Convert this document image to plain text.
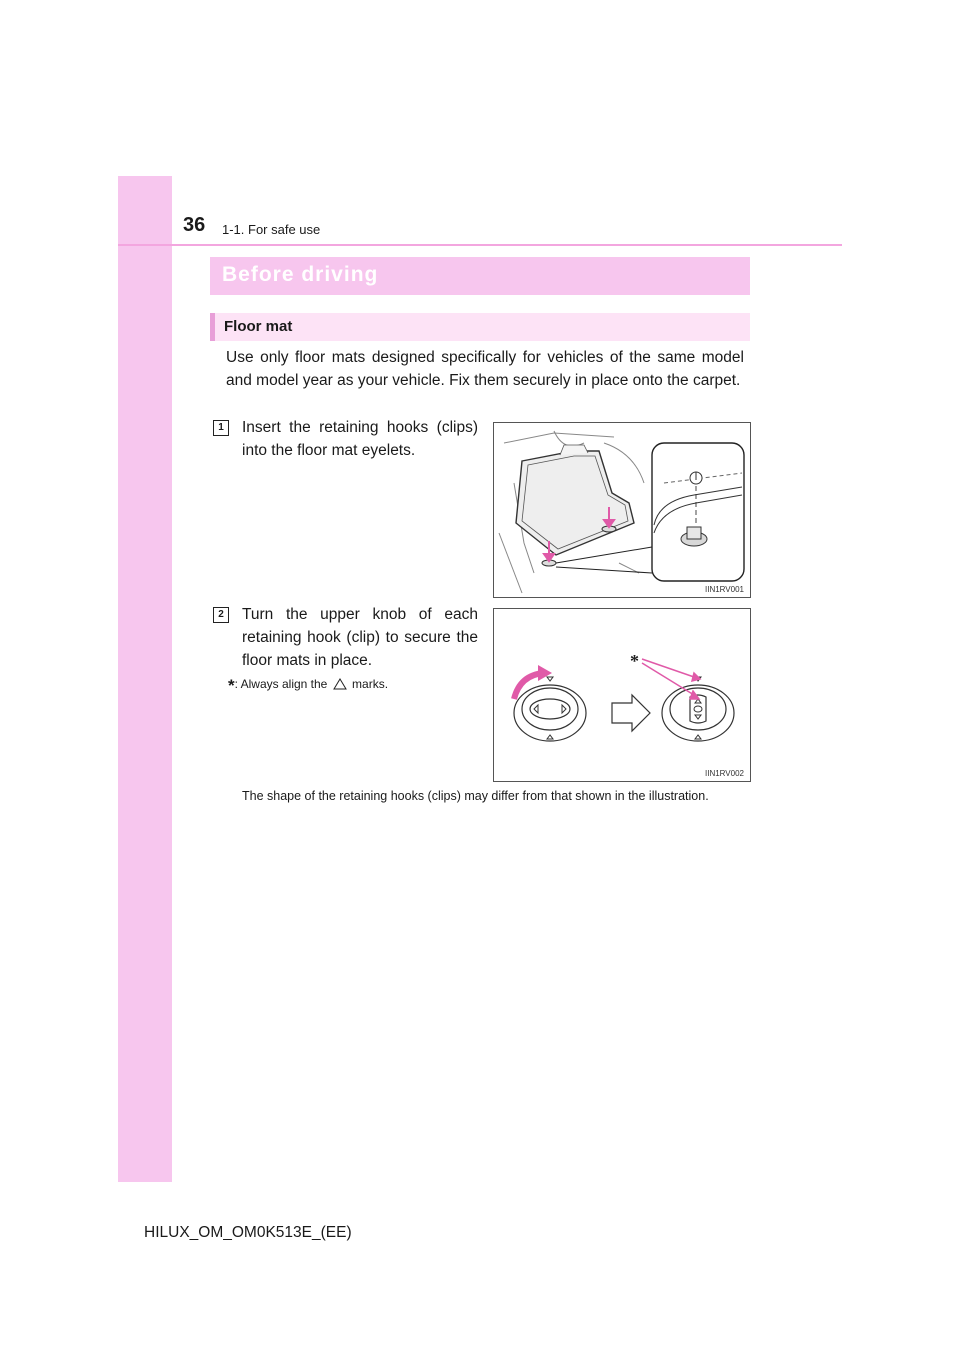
36 1-1. For safe use
Before driving
Floor mat
Use only floor mats designed specifically for vehicles of the same model and model year as your vehicle. Fix them securely in place onto the carpet.
1	Insert the retaining hooks (clips) into the floor mat eyelets.
IIN1RV001
2	Turn the upper knob of each retaining hook (clip) to secure the floor mats in place.
*: Always align the marks.
*
IIN1RV002
The shape of the retaining hooks (clips) may differ from that shown in the illustration.
HILUX_OM_OM0K513E_(EE)
